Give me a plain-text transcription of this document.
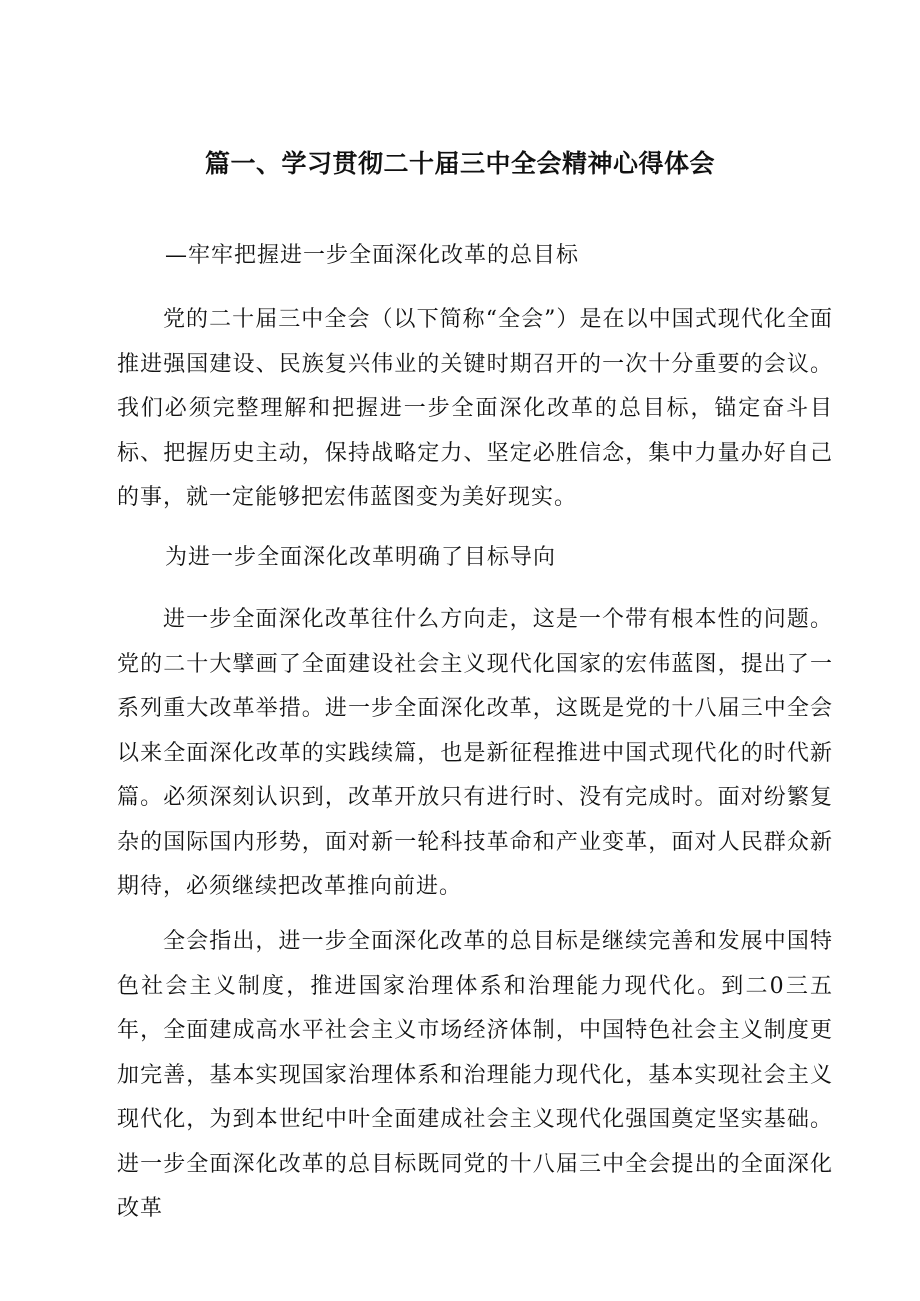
篇一、学习贯彻二十届三中全会精神心得体会
—牢牢把握进一步全面深化改革的总目标
党的二十届三中全会（以下简称“全会”）是在以中国式现代化全面推进强国建设、民族复兴伟业的关键时期召开的一次十分重要的会议。我们必须完整理解和把握进一步全面深化改革的总目标，锚定奋斗目标、把握历史主动，保持战略定力、坚定必胜信念，集中力量办好自己的事，就一定能够把宏伟蓝图变为美好现实。
为进一步全面深化改革明确了目标导向
进一步全面深化改革往什么方向走，这是一个带有根本性的问题。党的二十大擘画了全面建设社会主义现代化国家的宏伟蓝图，提出了一系列重大改革举措。进一步全面深化改革，这既是党的十八届三中全会以来全面深化改革的实践续篇，也是新征程推进中国式现代化的时代新篇。必须深刻认识到，改革开放只有进行时、没有完成时。面对纷繁复杂的国际国内形势，面对新一轮科技革命和产业变革，面对人民群众新期待，必须继续把改革推向前进。
全会指出，进一步全面深化改革的总目标是继续完善和发展中国特色社会主义制度，推进国家治理体系和治理能力现代化。到二0三五年，全面建成高水平社会主义市场经济体制，中国特色社会主义制度更加完善，基本实现国家治理体系和治理能力现代化，基本实现社会主义现代化，为到本世纪中叶全面建成社会主义现代化强国奠定坚实基础。进一步全面深化改革的总目标既同党的十八届三中全会提出的全面深化改革
